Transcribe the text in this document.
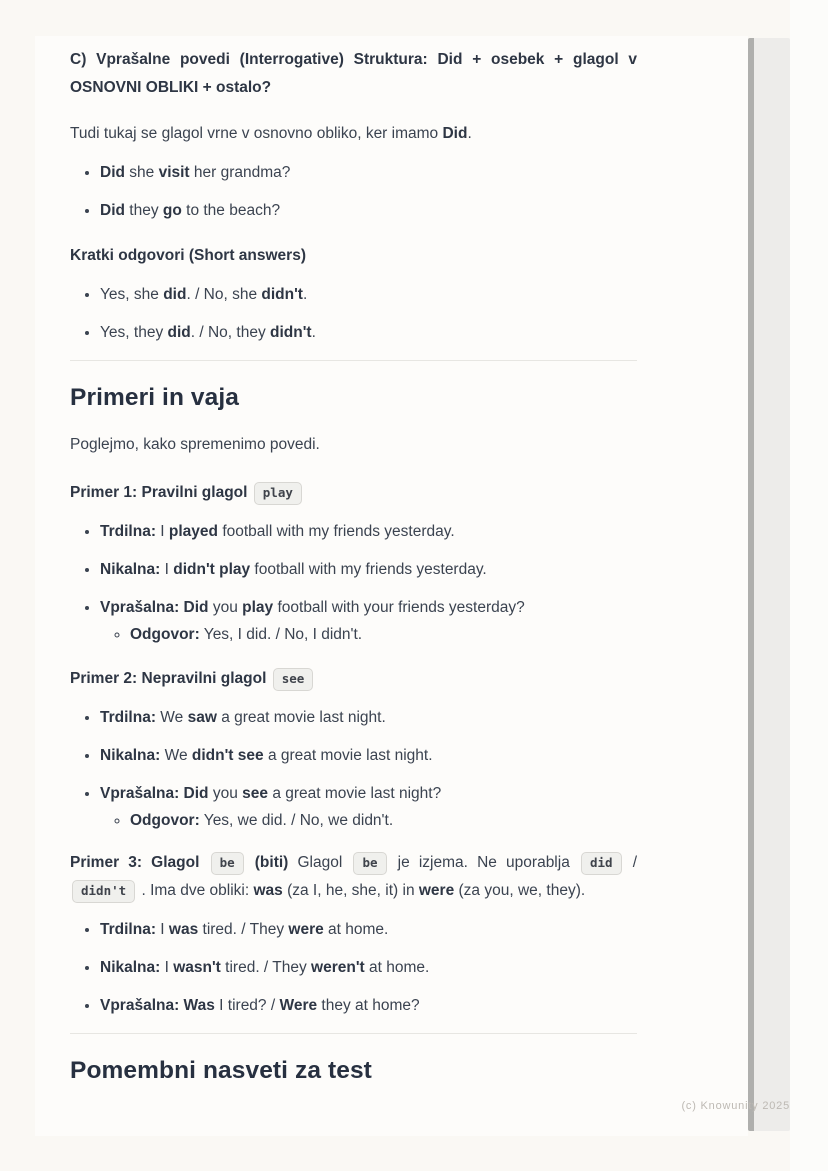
C) Vprašalne povedi (Interrogative) Struktura: Did + osebek + glagol v OSNOVNI OBLIKI + ostalo?

Tudi tukaj se glagol vrne v osnovno obliko, ker imamo Did.

• Did she visit her grandma?
• Did they go to the beach?
Kratki odgovori (Short answers)
• Yes, she did. / No, she didn't.
• Yes, they did. / No, they didn't.
Primeri in vaja

Poglejmo, kako spremenimo povedi.

Primer 1: Pravilni glagol play
• Trdilna: I played football with my friends yesterday.
• Nikalna: I didn't play football with my friends yesterday.
• Vprašalna: Did you play football with your friends yesterday?
◦ Odgovor: Yes, I did. / No, I didn't.
Primer 2: Nepravilni glagol see
• Trdilna: We saw a great movie last night.
• Nikalna: We didn't see a great movie last night.
• Vprašalna: Did you see a great movie last night?
◦ Odgovor: Yes, we did. / No, we didn't.

Primer 3: Glagol be (biti) Glagol be je izjema. Ne uporablja did / didn't . Ima dve obliki: was (za I, he, she, it) in were (za you, we, they).

• Trdilna: I was tired. / They were at home.
• Nikalna: I wasn't tired. / They weren't at home.
• Vprašalna: Was I tired? / Were they at home?
Pomembni nasveti za test
(c) Knowunity 2025
